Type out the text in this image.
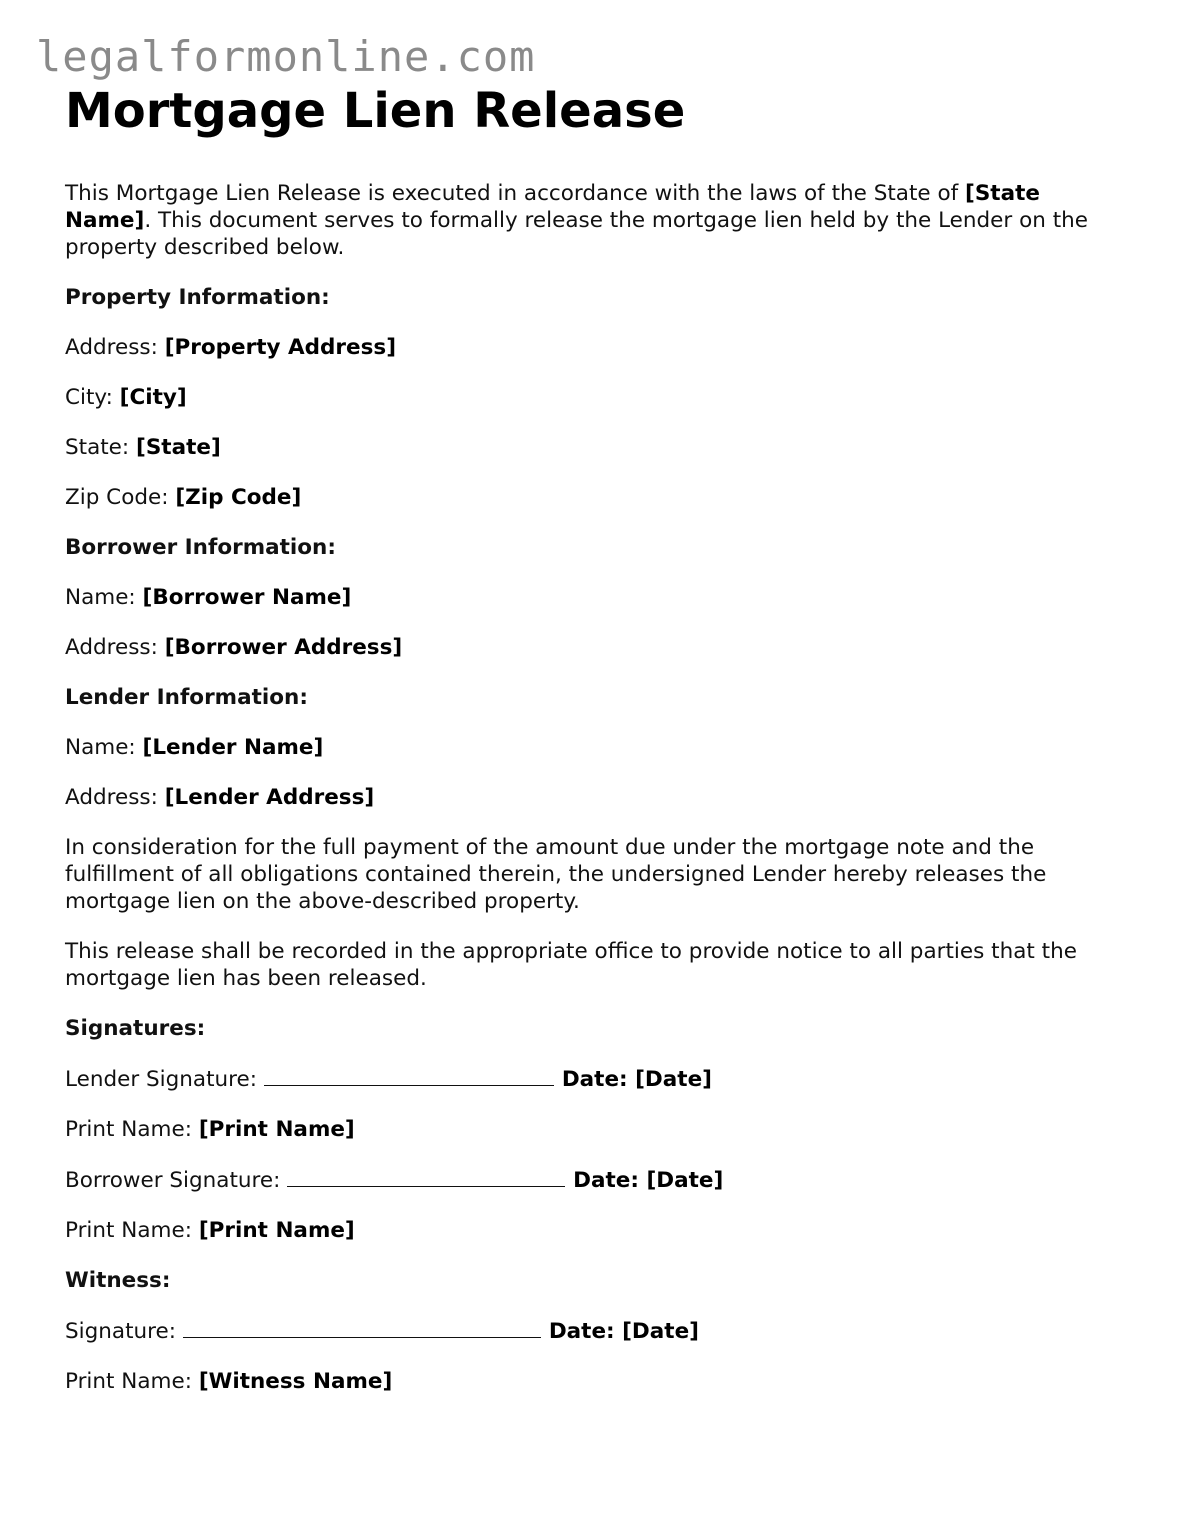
legalformonline.com
Mortgage Lien Release

This Mortgage Lien Release is executed in accordance with the laws of the State of [State Name]. This document serves to formally release the mortgage lien held by the Lender on the property described below.

Property Information:

Address: [Property Address]

City: [City]

State: [State]

Zip Code: [Zip Code]

Borrower Information:

Name: [Borrower Name]

Address: [Borrower Address]

Lender Information:

Name: [Lender Name]

Address: [Lender Address]

In consideration for the full payment of the amount due under the mortgage note and the fulfillment of all obligations contained therein, the undersigned Lender hereby releases the mortgage lien on the above-described property.

This release shall be recorded in the appropriate office to provide notice to all parties that the mortgage lien has been released.

Signatures:

Lender Signature:	Date: [Date]

Print Name: [Print Name]

Borrower Signature:	Date: [Date]

Print Name: [Print Name]

Witness:

Signature:	Date: [Date]

Print Name: [Witness Name]
